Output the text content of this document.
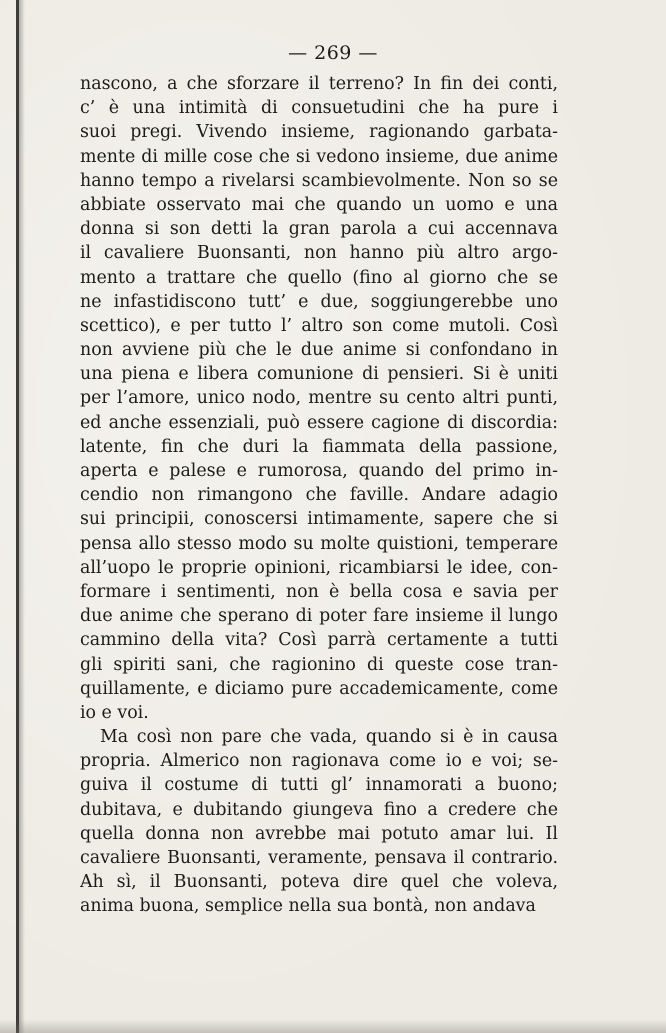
— 269 —
nascono, a che sforzare il terreno? In fin dei conti,
c’ è una intimità di consuetudini che ha pure i
suoi pregi. Vivendo insieme, ragionando garbata-
mente di mille cose che si vedono insieme, due anime
hanno tempo a rivelarsi scambievolmente. Non so se
abbiate osservato mai che quando un uomo e una
donna si son detti la gran parola a cui accennava
il cavaliere Buonsanti, non hanno più altro argo-
mento a trattare che quello (fino al giorno che se
ne infastidiscono tutt’ e due, soggiungerebbe uno
scettico), e per tutto l’ altro son come mutoli. Così
non avviene più che le due anime si confondano in
una piena e libera comunione di pensieri. Si è uniti
per l’amore, unico nodo, mentre su cento altri punti,
ed anche essenziali, può essere cagione di discordia:
latente, fin che duri la fiammata della passione,
aperta e palese e rumorosa, quando del primo in-
cendio non rimangono che faville. Andare adagio
sui principii, conoscersi intimamente, sapere che si
pensa allo stesso modo su molte quistioni, temperare
all’uopo le proprie opinioni, ricambiarsi le idee, con-
formare i sentimenti, non è bella cosa e savia per
due anime che sperano di poter fare insieme il lungo
cammino della vita? Così parrà certamente a tutti
gli spiriti sani, che ragionino di queste cose tran-
quillamente, e diciamo pure accademicamente, come
io e voi.
Ma così non pare che vada, quando si è in causa
propria. Almerico non ragionava come io e voi; se-
guiva il costume di tutti gl’ innamorati a buono;
dubitava, e dubitando giungeva fino a credere che
quella donna non avrebbe mai potuto amar lui. Il
cavaliere Buonsanti, veramente, pensava il contrario.
Ah sì, il Buonsanti, poteva dire quel che voleva,
anima buona, semplice nella sua bontà, non andava
